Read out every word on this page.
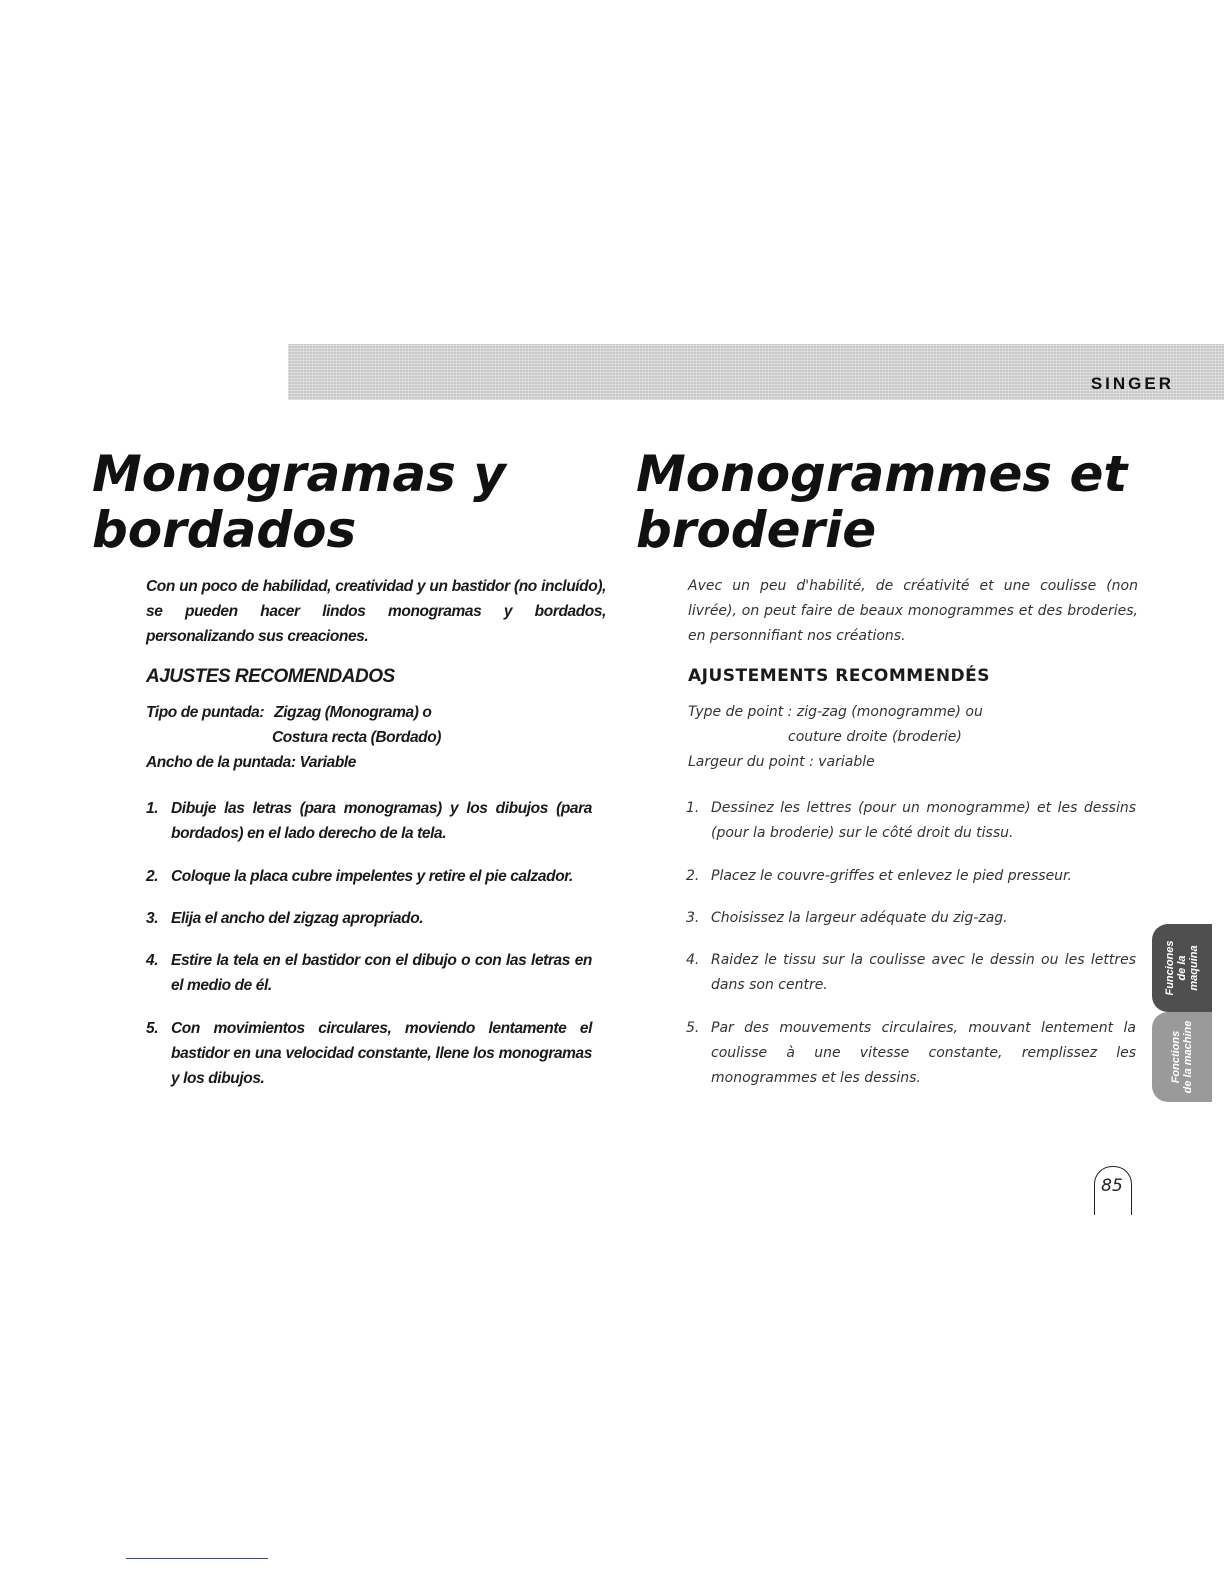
SINGER
Monogramas y
bordados
Monogrammes et
broderie

Con un poco de habilidad, creatividad y un bastidor (no incluído), se pueden hacer lindos monogramas y bordados, personalizando sus creaciones.

Avec un peu d'habilité, de créativité et une coulisse (non livrée), on peut faire de beaux monogrammes et des broderies, en personnifiant nos créations.

AJUSTES RECOMENDADOS	AJUSTEMENTS RECOMMENDÉS
Tipo de puntada: Zigzag (Monograma) o
Costura recta (Bordado)
Ancho de la puntada: Variable
Type de point : zig-zag (monogramme) ou
couture droite (broderie)
Largeur du point : variable
1. Dibuje las letras (para monogramas) y los dibujos (para bordados) en el lado derecho de la tela.
2. Coloque la placa cubre impelentes y retire el pie calzador.
3. Elija el ancho del zigzag apropriado.
4. Estire la tela en el bastidor con el dibujo o con las letras en el medio de él.
5. Con movimientos circulares, moviendo lentamente el bastidor en una velocidad constante, llene los monogramas y los dibujos.
1. Dessinez les lettres (pour un monogramme) et les dessins (pour la broderie) sur le côté droit du tissu.
2. Placez le couvre-griffes et enlevez le pied presseur.
3. Choisissez la largeur adéquate du zig-zag.
4. Raidez le tissu sur la coulisse avec le dessin ou les lettres dans son centre.
5. Par des mouvements circulaires, mouvant lentement la coulisse à une vitesse constante, remplissez les monogrammes et les dessins.
Funciones
de la
maquina
Fonctions
de la machine
85
